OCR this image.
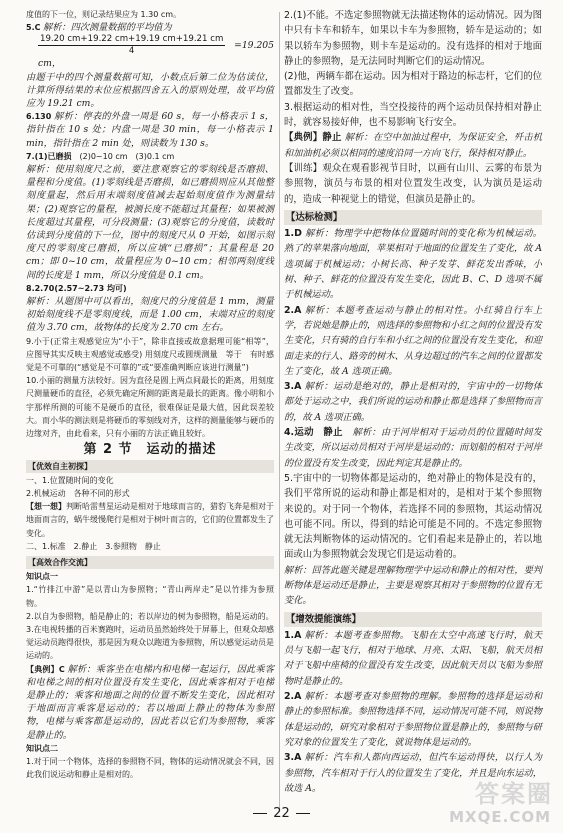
度值的下一位，则记录结果应为 1.30 cm。

5.C 解析：四次测量数据的平均值为

$\frac{19.20 cm+19.22 cm+19.19 cm+19.21 cm}{4} =19.205$ cm，

由题干中的四个测量数据可知，小数点后第二位为估读位，计算所得结果的末位应根据四舍五入的原则处理，故平均值应为 19.21 cm。

6.130 解析：停表的外盘一周是 60 s，每一小格表示 1 s，指针指在 10 s 处；内盘一周是 30 min，每一小格表示 1 min，指针指在 2 min 处，则读数为 130 s。

7.(1)已磨损　 (2)0~10 cm　 (3)0.1 cm

解析：使用刻度尺之前，要注意观察它的零刻线是否磨损、量程和分度值。(1)零刻线是否磨损，如已磨损则应从其他整刻度量起，然后用末端刻度值减去起始刻度值作为测量结果；(2)观察它的量程，被测长度不能超过其量程；如果被测长度超过其量程，可分段测量；(3)观察它的分度值，读数时估读到分度值的下一位，图中的刻度尺从 0 开始，如图示刻度尺的零刻度已磨损，所以应填“已磨损”；其量程是 20 cm；即 0~10 cm，故量程应为 0~10 cm；相邻两刻度线间的长度是 1 mm，所以分度值是 0.1 cm。

8.2.70(2.57~2.73 均可)

解析：从题图中可以看出，刻度尺的分度值是 1 mm，测量初始刻度线不是零刻度线，而是 1.00 cm，末端对应的刻度值为 3.70 cm，故物体的长度为 2.70 cm 左右。

9.小于(正常主观感觉应为“小于”，除非直接或故意据理可能“相等”，应图导其实反映主观感觉或感受) 用刻度尺或圆规测量　 等于　 有时感觉是不可靠的(“感觉是不可靠的”或“要准确判断应该进行测量”)

10.小丽的测量方法较好。因为直径是圆上两点间最长的距离，用刻度尺测量硬币的直径，必须先确定所测的距离是最长的距离。像小明和小宇那样所测的可能不是硬币的直径，很难保证是最大值，因此误差较大。而小华的测法则是将硬币的零刻线对齐，这样的测量能够与硬币的边缘对齐，由此看来，只有小丽的方法正确且较好。

第 2 节　运动的描述
【优效自主初探】

一、1.位置随时间的变化

2.机械运动　各种不同的形式

【想一想】判断哈雷彗星运动是相对于地球而言的，猎豹飞奔是相对于地面而言的，蜗牛缓慢爬行是相对于树叶而言的，它们的位置都发生了变化。

二、1.标准　2.静止　3.参照物　静止

【高效合作交流】

知识点一

1.“竹排江中游”是以青山为参照物；“青山两岸走”是以竹排为参照物。

2.以自为参照物，船是静止的；若以岸边的树为参照物，船是运动的。

3.在电视转播的百米赛跑时，运动员虽然始终处于屏幕上，但观众却感觉运动员跑得很快，那是因为观众以跑道为参照物，所以感觉运动员是运动的。

【典例】C 解析：乘客坐在电梯内和电梯一起运行，因此乘客和电梯之间的相对位置没有发生变化，因此乘客相对于电梯是静止的；乘客和地面之间的位置不断发生变化，因此相对于地面而言乘客是运动的；若以地面上静止的物体为参照物，电梯与乘客都是运动的，因此若以它们为参照物，乘客是静止的。

知识点二

1.对于同一个物体，选择的参照物不同，物体的运动情况就会不同，因此我们说运动和静止是相对的。

2.(1)不能。不选定参照物就无法描述物体的运动情况。因为图中只有卡车和轿车，如果以卡车为参照物，轿车是运动的；如果以轿车为参照物，则卡车是运动的。没有选择的相对于地面静止的参照物，是无法同时判断它们的运动情况。

(2)他，两辆车都在运动。因为相对于路边的标志杆，它们的位置都发生了改变。

3.根据运动的相对性，当空投接待的两个运动员保持相对静止时，就容易接好伸，也不易影响飞行安全。

【典例】静止 解析：在空中加油过程中，为保证安全，歼击机和加油机必须以相同的速度沿同一方向飞行，保持相对静止。

【训练】观众在观看影视节目时，以画有山川、云雾的布景为参照物，演员与布景的相对位置发生改变，认为演员是运动的，造成一种视觉上的错觉，但演员是静止的。

【达标检测】

1.D 解析：物理学中把物体位置随时间的变化称为机械运动。熟了的苹果落向地面，苹果相对于地面的位置发生了变化，故 A 选项属于机械运动；小树长高、种子发芽、鲜花发出香味，小树、种子、鲜花的位置没有发生变化，因此 B、C、D 选项不属于机械运动。

2.A 解析：本题考查运动与静止的相对性。小红骑自行车上学，若说她是静止的，则选择的参照物和小红之间的位置没有发生变化，只有骑的自行车和小红之间的位置没有发生变化，和迎面走来的行人、路旁的树木、从身边超过的汽车之间的位置都发生了变化，故 A 选项正确。

3.A 解析：运动是绝对的，静止是相对的，宇宙中的一切物体都处于运动之中，我们所说的运动和静止都是选择了参照物而言的，故 A 选项正确。

4.运动　静止　解析：由于河岸相对于运动员的位置随时间发生改变，所以运动员相对于河岸是运动的；而划船的相对于河岸的位置没有发生改变，因此判定其是静止的。

5.宇宙中的一切物体都是运动的，绝对静止的物体是没有的，我们平常所说的运动和静止都是相对的，是相对于某个参照物来说的。对于同一个物体，若选择不同的参照物，其运动情况也可能不同。所以，得到的结论可能是不同的。不选定参照物就无法判断物体的运动情况的。它们看起来是静止的，若以地面或山为参照物就会发现它们是运动着的。

解析：回答此题关键是理解物理学中运动和静止的相对性，要判断物体是运动还是静止，主要是观察其相对于参照物的位置有无变化。

【增效提能演练】

1.A 解析：本题考查参照物。飞船在太空中高速飞行时，航天员与飞船一起飞行，相对于地球、月亮、太阳、飞船，航天员相对于飞船中座椅的位置没有发生改变，因此航天员以飞船为参照物时是静止的。

2.A 解析：本题考查对参照物的理解。参照物的选择是运动和静止的参照标准。参照物选择不同，运动情况可能不同，则说物体是运动的，研究对象相对于参照物位置是静止的，参照物与研究对象的位置发生了变化，就说物体是运动的。

3.A 解析：汽车和人都向西运动，但汽车运动得快，以行人为参照物，汽车相对于行人的位置发生了变化，并且是向东运动，故选 A。

22
答案圈
MXQE.COM
